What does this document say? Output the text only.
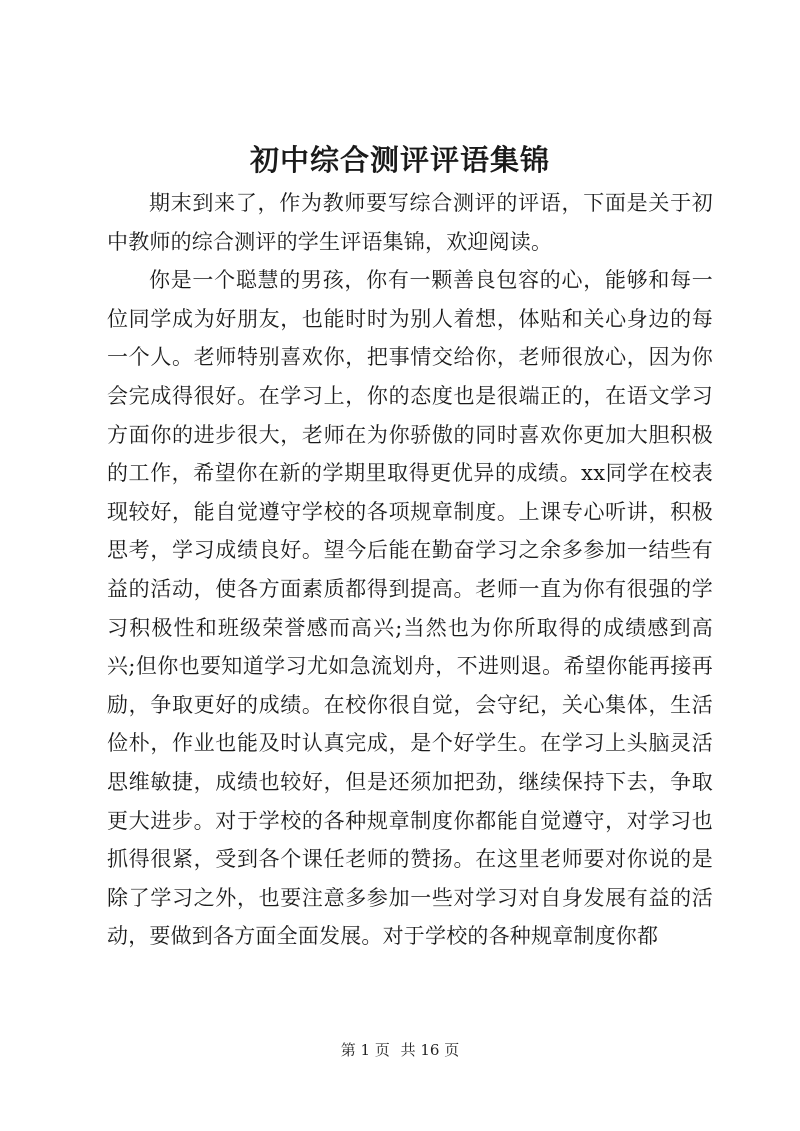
初中综合测评评语集锦

期末到来了，作为教师要写综合测评的评语，下面是关于初中教师的综合测评的学生评语集锦，欢迎阅读。

你是一个聪慧的男孩，你有一颗善良包容的心，能够和每一位同学成为好朋友，也能时时为别人着想，体贴和关心身边的每一个人。老师特别喜欢你，把事情交给你，老师很放心，因为你会完成得很好。在学习上，你的态度也是很端正的，在语文学习方面你的进步很大，老师在为你骄傲的同时喜欢你更加大胆积极的工作，希望你在新的学期里取得更优异的成绩。xx同学在校表现较好，能自觉遵守学校的各项规章制度。上课专心听讲，积极思考，学习成绩良好。望今后能在勤奋学习之余多参加一结些有益的活动，使各方面素质都得到提高。老师一直为你有很强的学习积极性和班级荣誉感而高兴;当然也为你所取得的成绩感到高兴;但你也要知道学习尤如急流划舟，不进则退。希望你能再接再励，争取更好的成绩。在校你很自觉，会守纪，关心集体，生活俭朴，作业也能及时认真完成，是个好学生。在学习上头脑灵活思维敏捷，成绩也较好，但是还须加把劲，继续保持下去，争取更大进步。对于学校的各种规章制度你都能自觉遵守，对学习也抓得很紧，受到各个课任老师的赞扬。在这里老师要对你说的是除了学习之外，也要注意多参加一些对学习对自身发展有益的活动，要做到各方面全面发展。对于学校的各种规章制度你都

第 1 页 共 16 页
